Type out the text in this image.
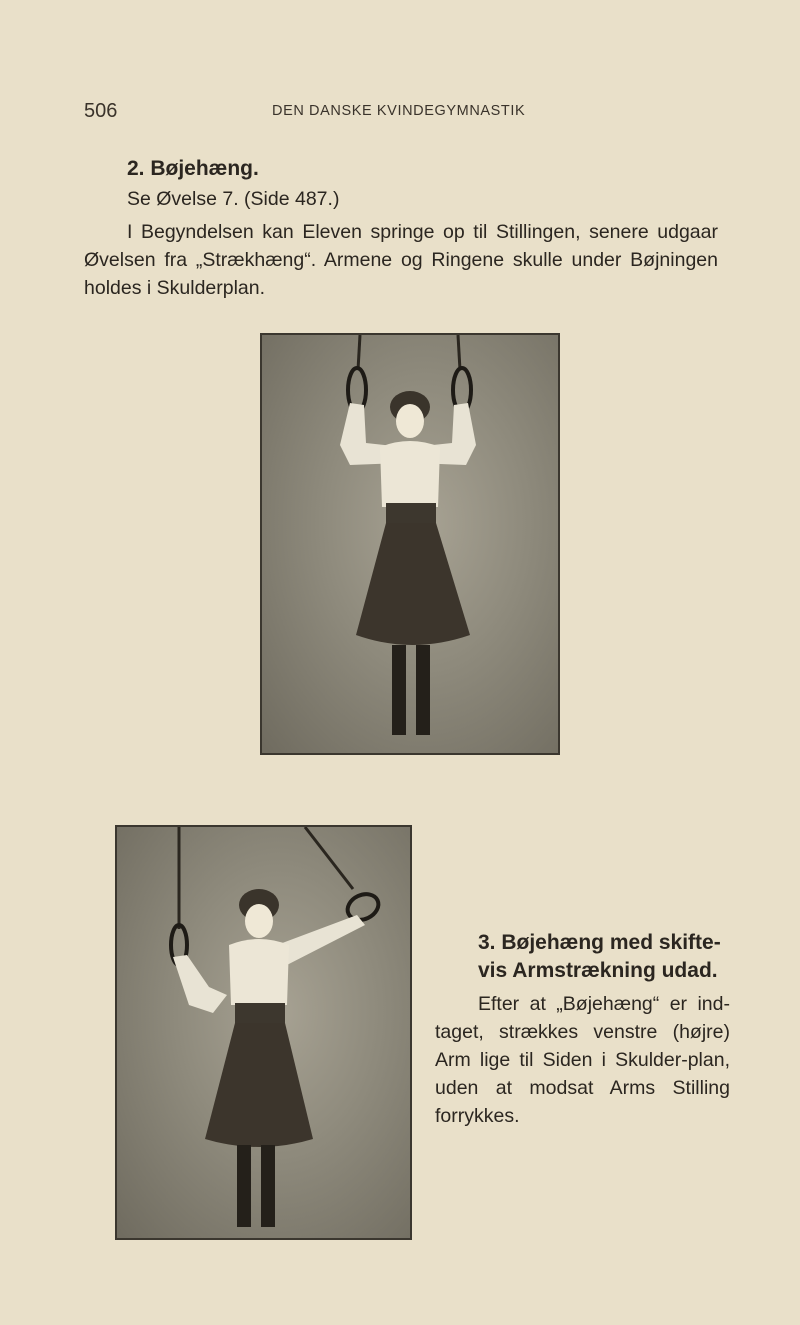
506	DEN DANSKE KVINDEGYMNASTIK
2. Bøjehæng.
Se Øvelse 7. (Side 487.)

I Begyndelsen kan Eleven springe op til Stillingen, senere udgaar Øvelsen fra „Strækhæng“. Armene og Ringene skulle under Bøjningen holdes i Skulderplan.

3. Bøjehæng med skifte-vis Armstrækning udad.

Efter at „Bøjehæng“ er ind-taget, strækkes venstre (højre) Arm lige til Siden i Skulder-plan, uden at modsat Arms Stilling forrykkes.
